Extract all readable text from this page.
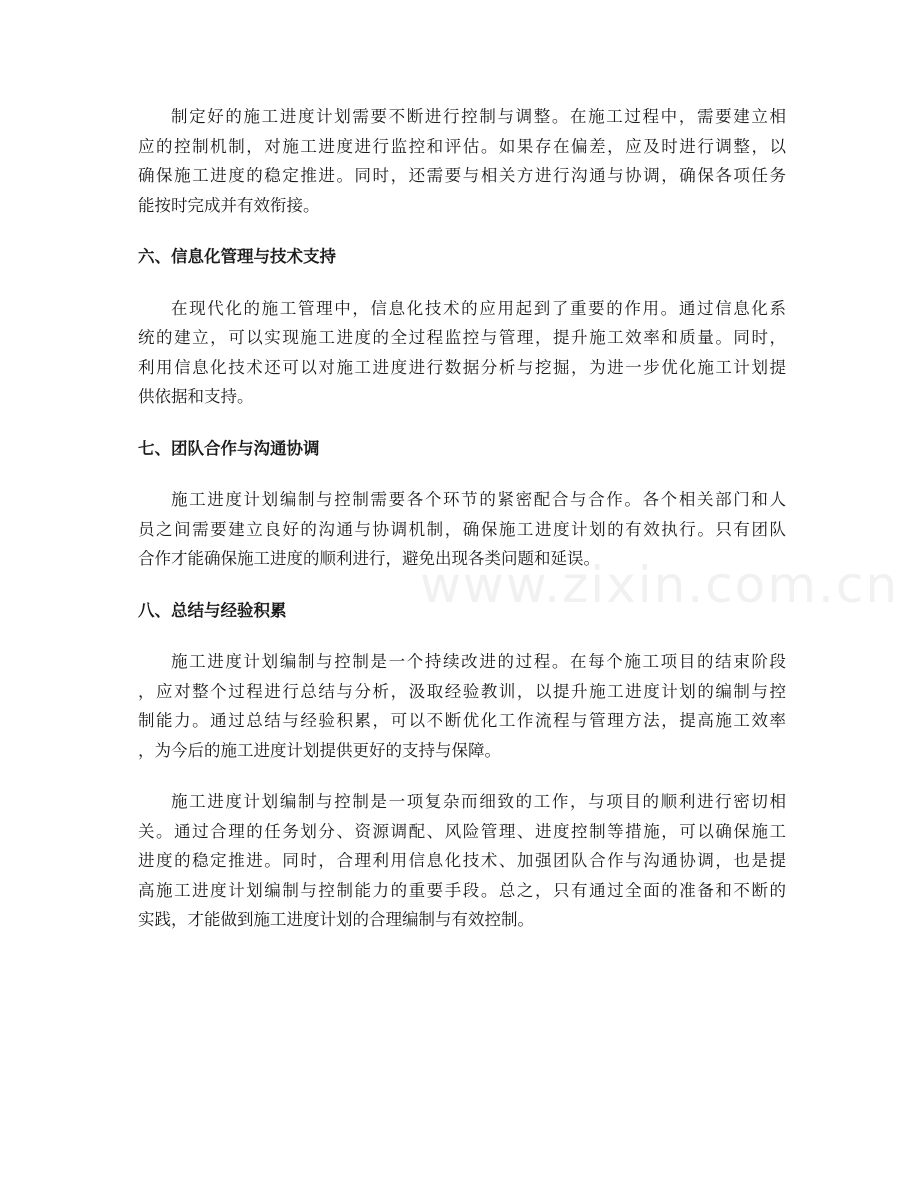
www.zixin.com.cn
制定好的施工进度计划需要不断进行控制与调整。在施工过程中，需要建立相
应的控制机制，对施工进度进行监控和评估。如果存在偏差，应及时进行调整，以
确保施工进度的稳定推进。同时，还需要与相关方进行沟通与协调，确保各项任务
能按时完成并有效衔接。
六、信息化管理与技术支持
在现代化的施工管理中，信息化技术的应用起到了重要的作用。通过信息化系
统的建立，可以实现施工进度的全过程监控与管理，提升施工效率和质量。同时，
利用信息化技术还可以对施工进度进行数据分析与挖掘，为进一步优化施工计划提
供依据和支持。
七、团队合作与沟通协调
施工进度计划编制与控制需要各个环节的紧密配合与合作。各个相关部门和人
员之间需要建立良好的沟通与协调机制，确保施工进度计划的有效执行。只有团队
合作才能确保施工进度的顺利进行，避免出现各类问题和延误。
八、总结与经验积累
施工进度计划编制与控制是一个持续改进的过程。在每个施工项目的结束阶段
，应对整个过程进行总结与分析，汲取经验教训，以提升施工进度计划的编制与控
制能力。通过总结与经验积累，可以不断优化工作流程与管理方法，提高施工效率
，为今后的施工进度计划提供更好的支持与保障。
施工进度计划编制与控制是一项复杂而细致的工作，与项目的顺利进行密切相
关。通过合理的任务划分、资源调配、风险管理、进度控制等措施，可以确保施工
进度的稳定推进。同时，合理利用信息化技术、加强团队合作与沟通协调，也是提
高施工进度计划编制与控制能力的重要手段。总之，只有通过全面的准备和不断的
实践，才能做到施工进度计划的合理编制与有效控制。
